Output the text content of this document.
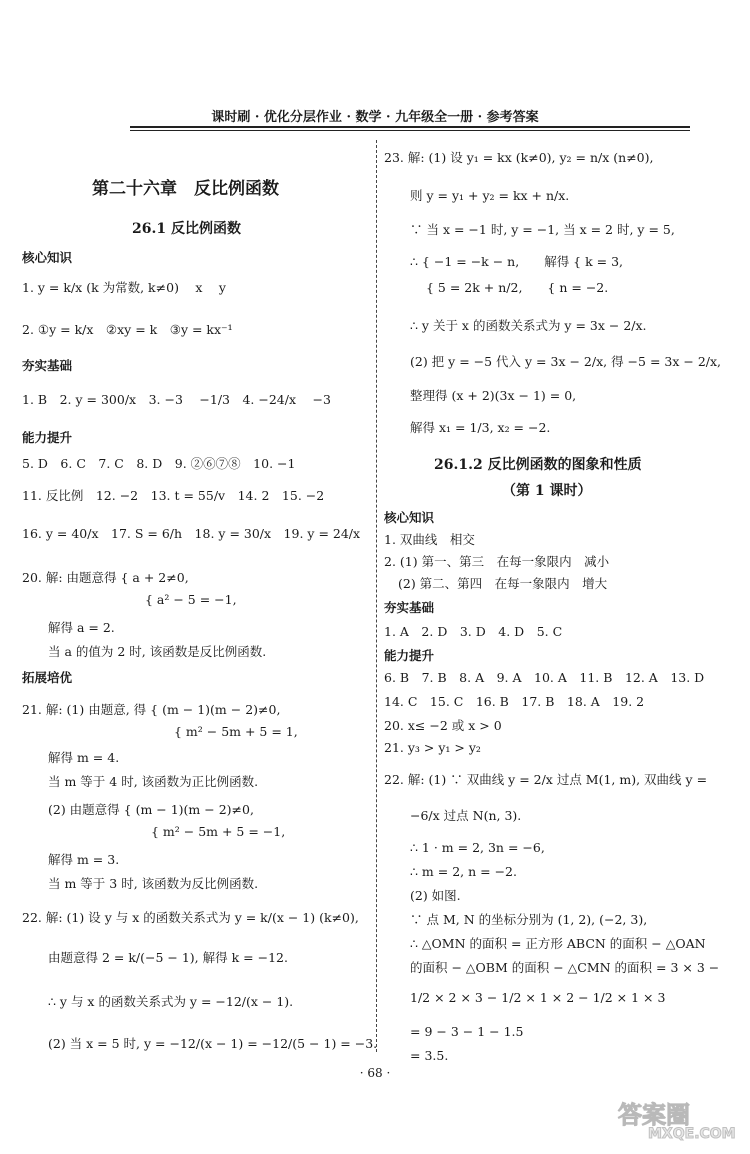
课时刷 · 优化分层作业 · 数学 · 九年级全一册 · 参考答案
第二十六章　反比例函数
26.1 反比例函数
核心知识
1. y = k/x (k 为常数, k≠0)　 x　 y
2. ①y = k/x　②xy = k　③y = kx⁻¹
夯实基础
1. B　2. y = 300/x　3. −3　 −1/3　4. −24/x　 −3
能力提升
5. D　6. C　7. C　8. D　9. ②⑥⑦⑧　10. −1
11. 反比例　12. −2　13. t = 55/v　14. 2　15. −2
16. y = 40/x　17. S = 6/h　18. y = 30/x　19. y = 24/x
20. 解: 由题意得 { a + 2≠0,
{ a² − 5 = −1,
解得 a = 2.
当 a 的值为 2 时, 该函数是反比例函数.
拓展培优
21. 解: (1) 由题意, 得 { (m − 1)(m − 2)≠0,
{ m² − 5m + 5 = 1,
解得 m = 4.
当 m 等于 4 时, 该函数为正比例函数.
(2) 由题意得 { (m − 1)(m − 2)≠0,
{ m² − 5m + 5 = −1,
解得 m = 3.
当 m 等于 3 时, 该函数为反比例函数.
22. 解: (1) 设 y 与 x 的函数关系式为 y = k/(x − 1) (k≠0),
由题意得 2 = k/(−5 − 1), 解得 k = −12.
∴ y 与 x 的函数关系式为 y = −12/(x − 1).
(2) 当 x = 5 时, y = −12/(x − 1) = −12/(5 − 1) = −3.
23. 解: (1) 设 y₁ = kx (k≠0), y₂ = n/x (n≠0),
则 y = y₁ + y₂ = kx + n/x.
∵ 当 x = −1 时, y = −1, 当 x = 2 时, y = 5,
∴ { −1 = −k − n,　　解得 { k = 3,
{ 5 = 2k + n/2,　　{ n = −2.
∴ y 关于 x 的函数关系式为 y = 3x − 2/x.
(2) 把 y = −5 代入 y = 3x − 2/x, 得 −5 = 3x − 2/x,
整理得 (x + 2)(3x − 1) = 0,
解得 x₁ = 1/3, x₂ = −2.
26.1.2 反比例函数的图象和性质
（第 1 课时）
核心知识
1. 双曲线　相交
2. (1) 第一、第三　在每一象限内　减小
(2) 第二、第四　在每一象限内　增大
夯实基础
1. A　2. D　3. D　4. D　5. C
能力提升
6. B　7. B　8. A　9. A　10. A　11. B　12. A　13. D
14. C　15. C　16. B　17. B　18. A　19. 2
20. x≤ −2 或 x > 0
21. y₃ > y₁ > y₂
22. 解: (1) ∵ 双曲线 y = 2/x 过点 M(1, m), 双曲线 y =
−6/x 过点 N(n, 3).
∴ 1 · m = 2, 3n = −6,
∴ m = 2, n = −2.
(2) 如图.
∵ 点 M, N 的坐标分别为 (1, 2), (−2, 3),
∴ △OMN 的面积 = 正方形 ABCN 的面积 − △OAN
的面积 − △OBM 的面积 − △CMN 的面积 = 3 × 3 −
1/2 × 2 × 3 − 1/2 × 1 × 2 − 1/2 × 1 × 3
= 9 − 3 − 1 − 1.5
= 3.5.
· 68 ·
答案圈
MXQE.COM
